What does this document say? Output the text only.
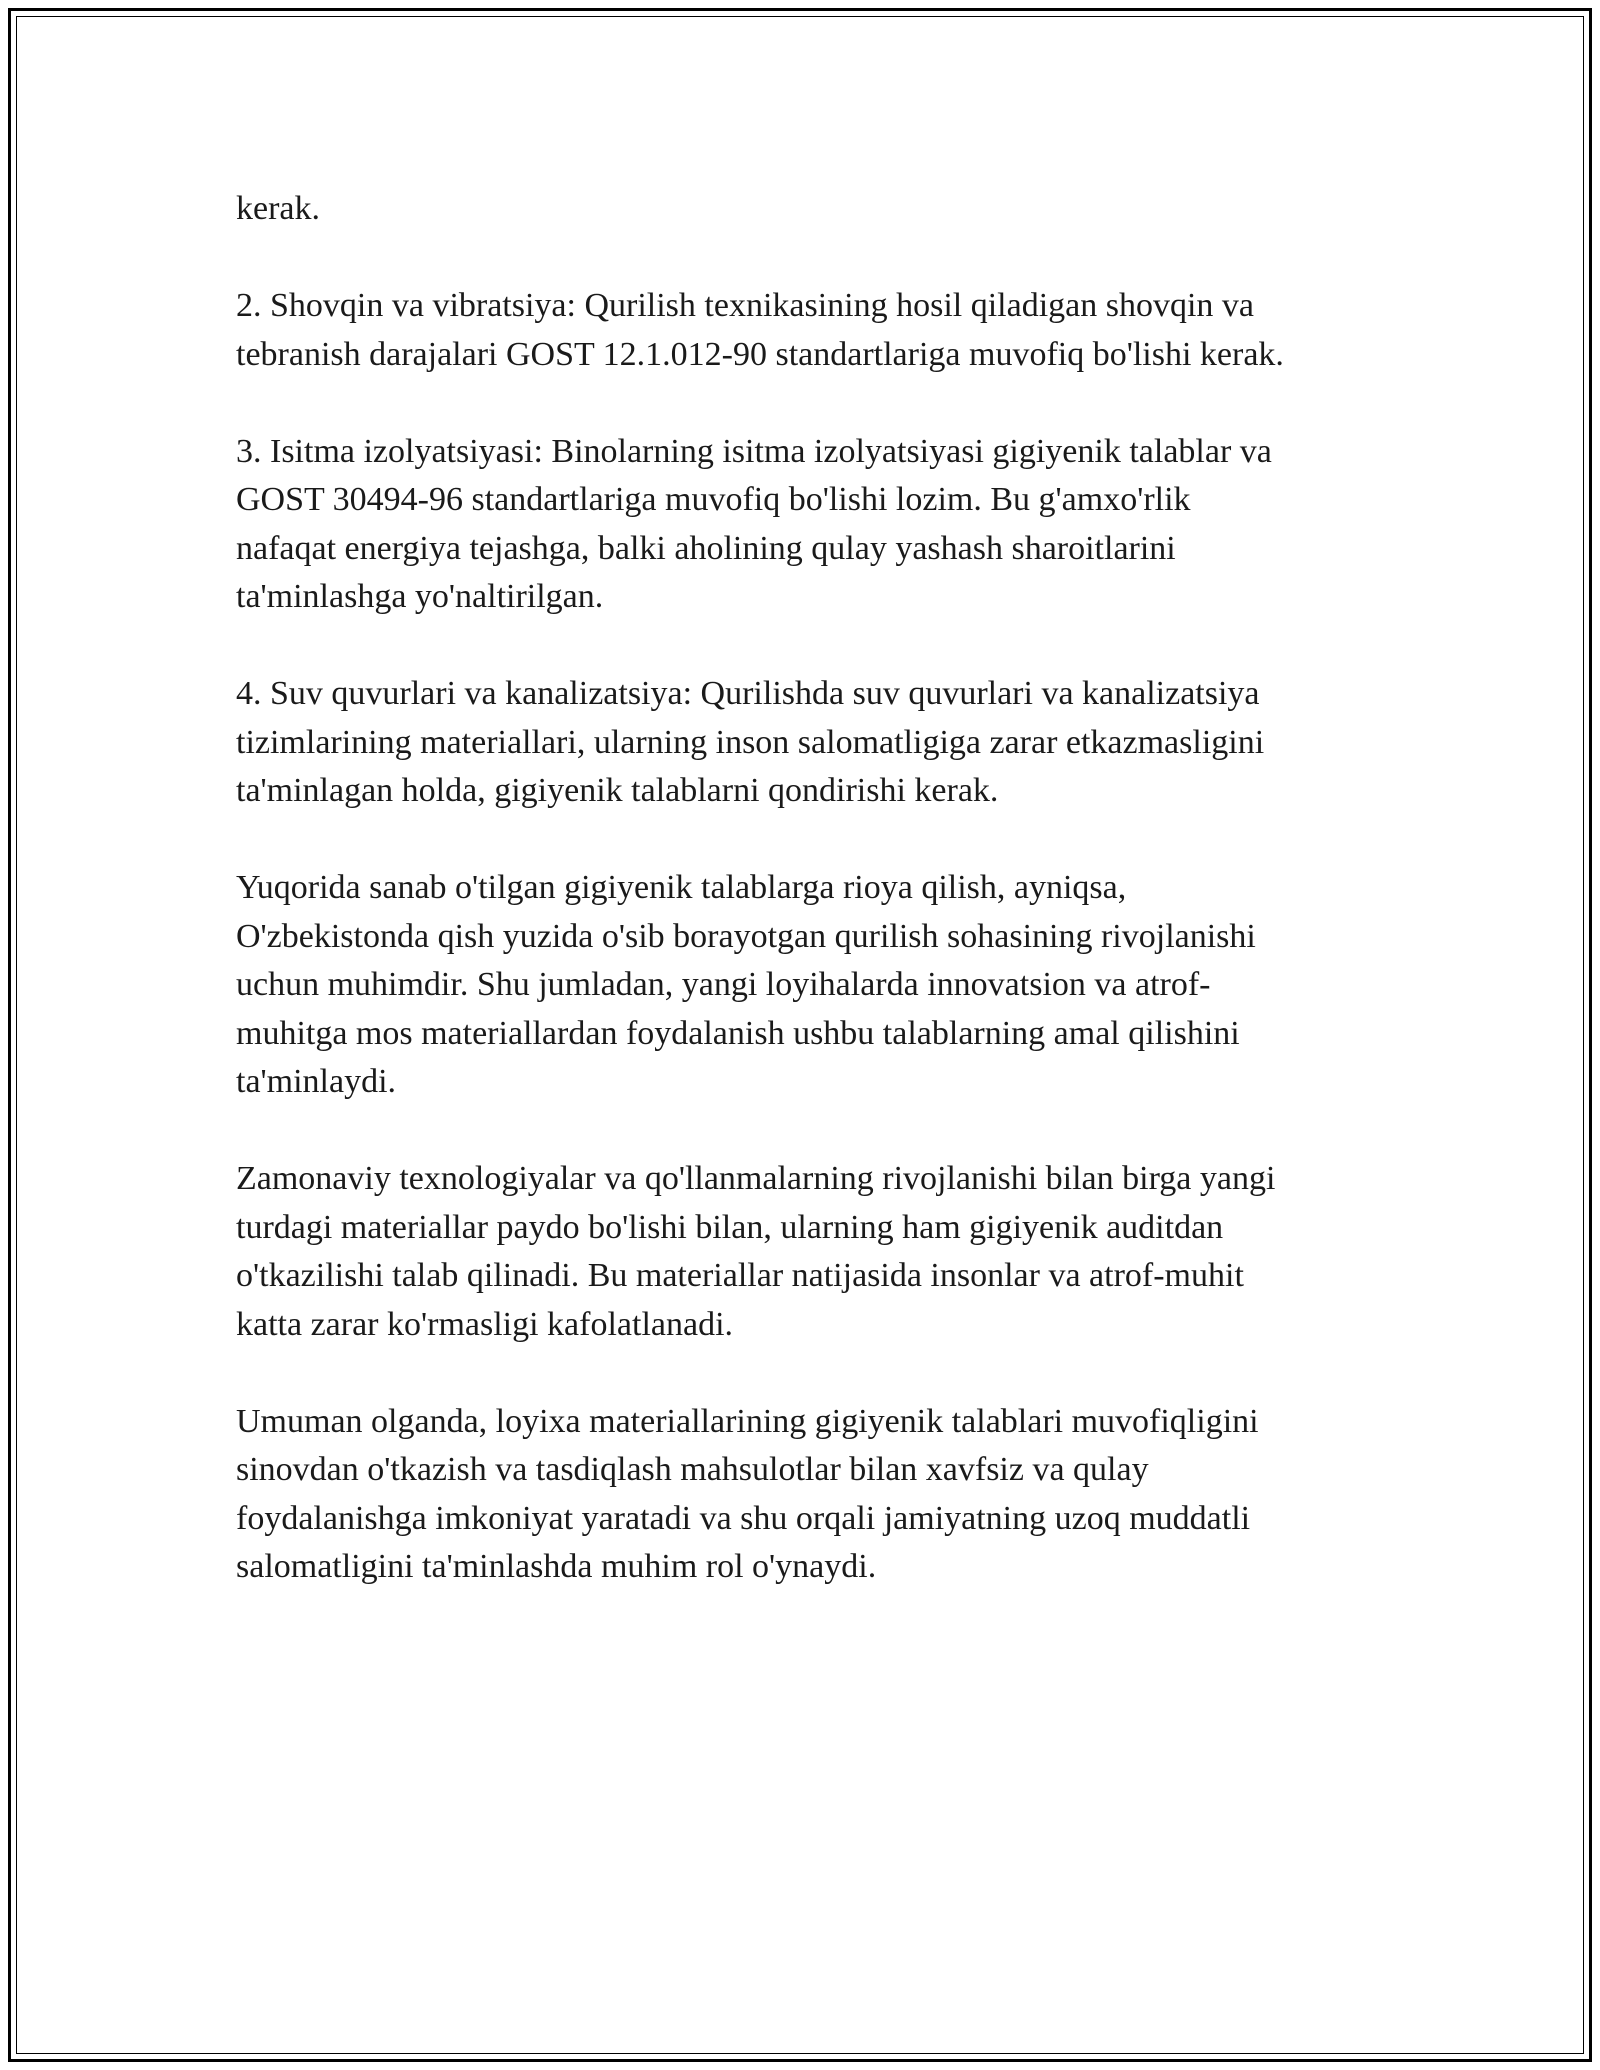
kerak.

2. Shovqin va vibratsiya: Qurilish texnikasining hosil qiladigan shovqin va
tebranish darajalari GOST 12.1.012-90 standartlariga muvofiq bo'lishi kerak.

3. Isitma izolyatsiyasi: Binolarning isitma izolyatsiyasi gigiyenik talablar va
GOST 30494-96 standartlariga muvofiq bo'lishi lozim. Bu g'amxo'rlik
nafaqat energiya tejashga, balki aholining qulay yashash sharoitlarini
ta'minlashga yo'naltirilgan.

4. Suv quvurlari va kanalizatsiya: Qurilishda suv quvurlari va kanalizatsiya
tizimlarining materiallari, ularning inson salomatligiga zarar etkazmasligini
ta'minlagan holda, gigiyenik talablarni qondirishi kerak.

Yuqorida sanab o'tilgan gigiyenik talablarga rioya qilish, ayniqsa,
O'zbekistonda qish yuzida o'sib borayotgan qurilish sohasining rivojlanishi
uchun muhimdir. Shu jumladan, yangi loyihalarda innovatsion va atrof-
muhitga mos materiallardan foydalanish ushbu talablarning amal qilishini
ta'minlaydi.

Zamonaviy texnologiyalar va qo'llanmalarning rivojlanishi bilan birga yangi
turdagi materiallar paydo bo'lishi bilan, ularning ham gigiyenik auditdan
o'tkazilishi talab qilinadi. Bu materiallar natijasida insonlar va atrof-muhit
katta zarar ko'rmasligi kafolatlanadi.

Umuman olganda, loyixa materiallarining gigiyenik talablari muvofiqligini
sinovdan o'tkazish va tasdiqlash mahsulotlar bilan xavfsiz va qulay
foydalanishga imkoniyat yaratadi va shu orqali jamiyatning uzoq muddatli
salomatligini ta'minlashda muhim rol o'ynaydi.
